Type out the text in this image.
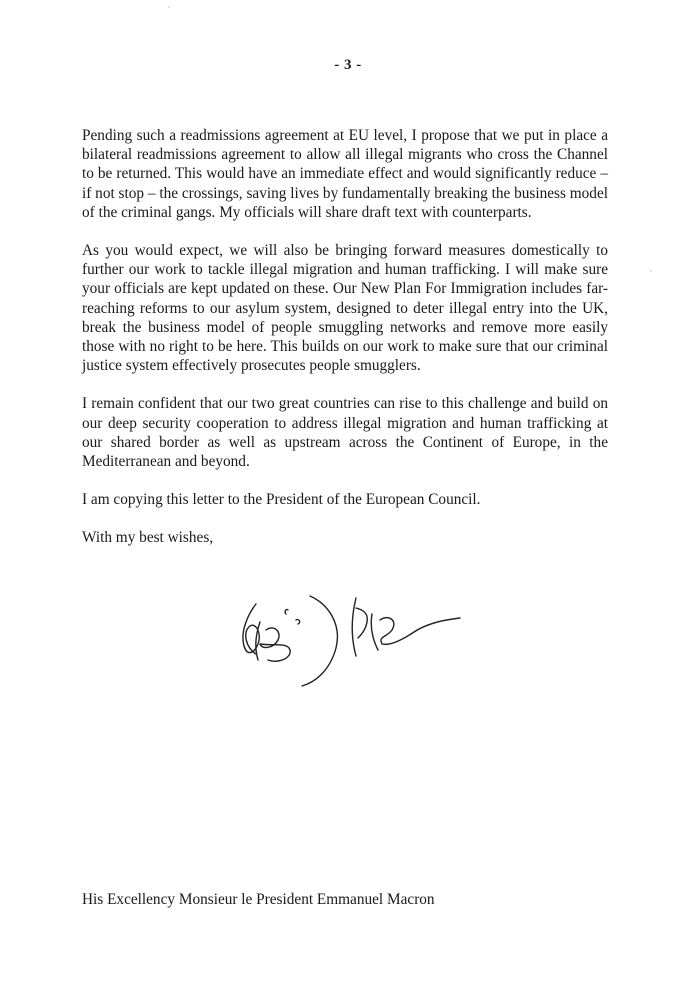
- 3 -

Pending such a readmissions agreement at EU level, I propose that we put in place a bilateral readmissions agreement to allow all illegal migrants who cross the Channel to be returned. This would have an immediate effect and would significantly reduce – if not stop – the crossings, saving lives by fundamentally breaking the business model of the criminal gangs. My officials will share draft text with counterparts.

As you would expect, we will also be bringing forward measures domestically to further our work to tackle illegal migration and human trafficking. I will make sure your officials are kept updated on these. Our New Plan For Immigration includes far-reaching reforms to our asylum system, designed to deter illegal entry into the UK, break the business model of people smuggling networks and remove more easily those with no right to be here. This builds on our work to make sure that our criminal justice system effectively prosecutes people smugglers.

I remain confident that our two great countries can rise to this challenge and build on our deep security cooperation to address illegal migration and human trafficking at our shared border as well as upstream across the Continent of Europe, in the Mediterranean and beyond.

I am copying this letter to the President of the European Council.

With my best wishes,

His Excellency Monsieur le President Emmanuel Macron
